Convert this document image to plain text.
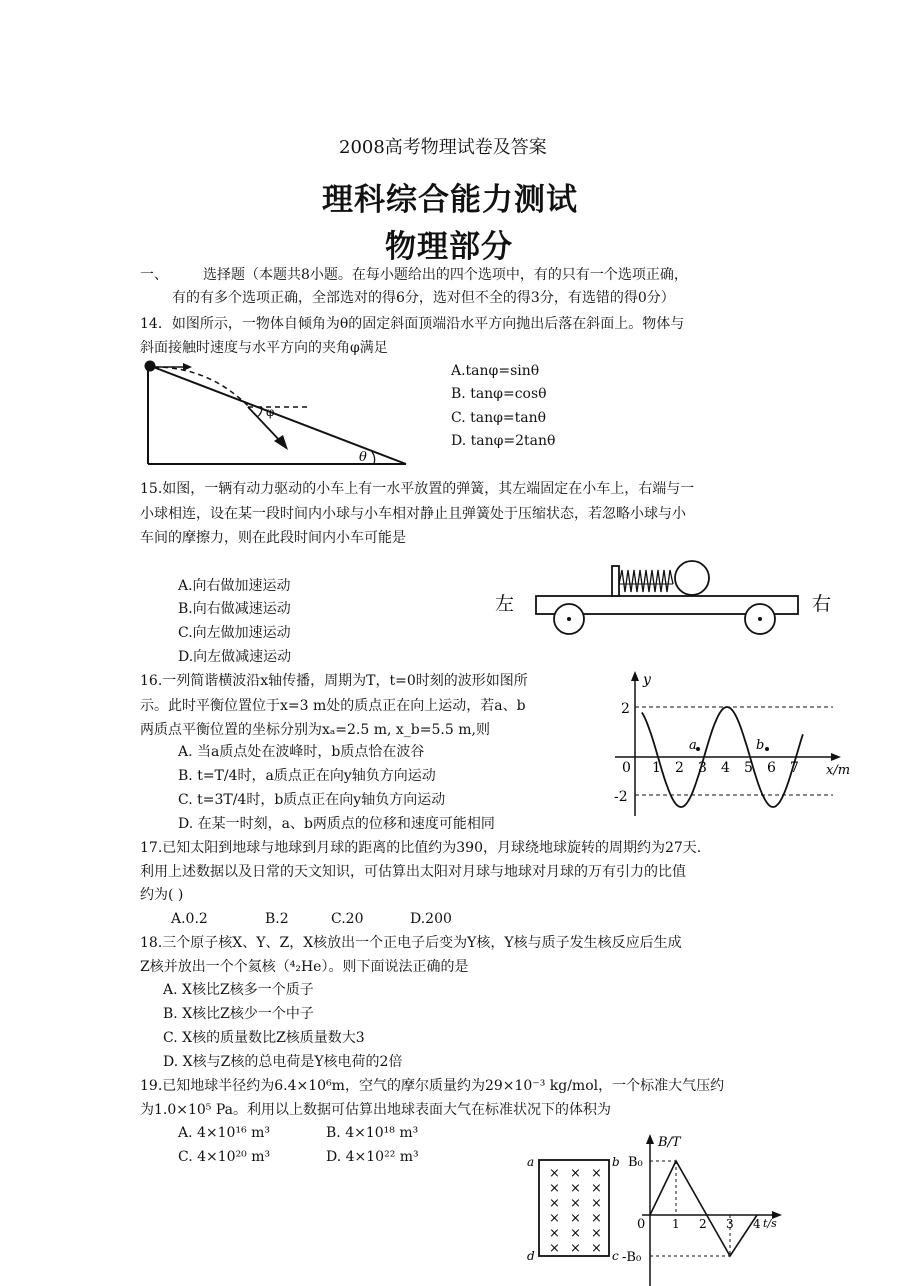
2008高考物理试卷及答案
理科综合能力测试
物理部分
一、	选择题（本题共8小题。在每小题给出的四个选项中，有的只有一个选项正确，
有的有多个选项正确，全部选对的得6分，选对但不全的得3分，有选错的得0分）
14．如图所示，一物体自倾角为θ的固定斜面顶端沿水平方向抛出后落在斜面上。物体与
斜面接触时速度与水平方向的夹角φ满足
A.tanφ=sinθ
B. tanφ=cosθ
C. tanφ=tanθ
D. tanφ=2tanθ
φ
θ
15.如图，一辆有动力驱动的小车上有一水平放置的弹簧，其左端固定在小车上，右端与一
小球相连，设在某一段时间内小球与小车相对静止且弹簧处于压缩状态，若忽略小球与小
车间的摩擦力，则在此段时间内小车可能是
A.向右做加速运动
B.向右做减速运动
C.向左做加速运动
D.向左做减速运动
左	右
16.一列简谐横波沿x轴传播，周期为T，t=0时刻的波形如图所
示。此时平衡位置位于x=3 m处的质点正在向上运动，若a、b
两质点平衡位置的坐标分别为xₐ=2.5 m, x_b=5.5 m,则
A. 当a质点处在波峰时，b质点恰在波谷
B. t=T/4时，a质点正在向y轴负方向运动
C. t=3T/4时，b质点正在向y轴负方向运动
D. 在某一时刻，a、b两质点的位移和速度可能相同
y
x/m
2
-2
0 1 2 3 4 5 6 7
a	b
17.已知太阳到地球与地球到月球的距离的比值约为390，月球绕地球旋转的周期约为27天.
利用上述数据以及日常的天文知识，可估算出太阳对月球与地球对月球的万有引力的比值
约为( )
A.0.2	B.2	C.20	D.200
18.三个原子核X、Y、Z，X核放出一个正电子后变为Y核，Y核与质子发生核反应后生成
Z核并放出一个个氦核（⁴₂He）。则下面说法正确的是
A. X核比Z核多一个质子
B. X核比Z核少一个中子
C. X核的质量数比Z核质量数大3
D. X核与Z核的总电荷是Y核电荷的2倍
19.已知地球半径约为6.4×10⁶m，空气的摩尔质量约为29×10⁻³ kg/mol，一个标准大气压约
为1.0×10⁵ Pa。利用以上数据可估算出地球表面大气在标准状况下的体积为
A. 4×10¹⁶ m³	B. 4×10¹⁸ m³
C. 4×10²⁰ m³	D. 4×10²² m³	a	b
c
d
× × ×
× × ×
× × ×
× × ×
× × ×
× × ×
B/T
t/s
B₀
-B₀
0 1 2 3 4
